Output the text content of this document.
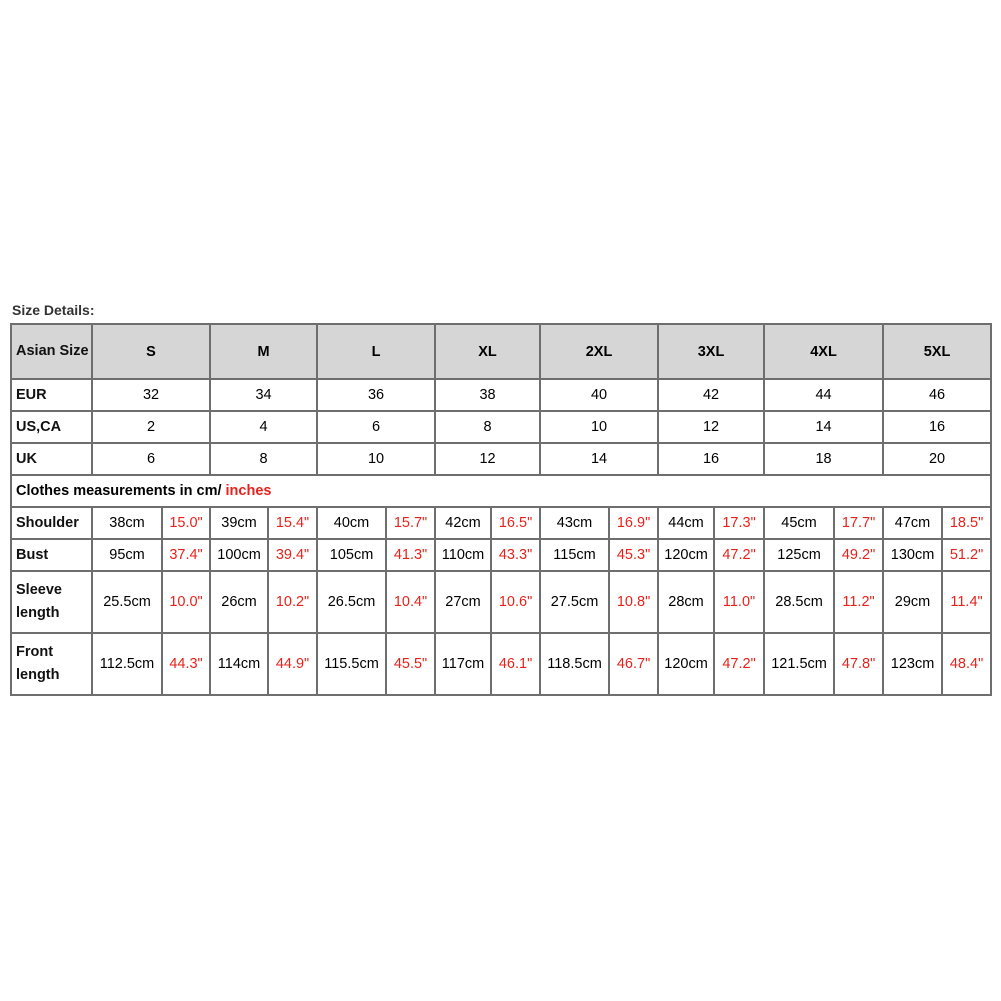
Size Details:
Asian Size	S		M		L		XL		2XL		3XL		4XL		5XL	
EUR	32		34		36		38		40		42		44		46	
US,CA	2		4		6		8		10		12		14		16	
UK	6		8		10		12		14		16		18		20	
Clothes measurements in cm/ inches																
Shoulder	38cm	15.0"	39cm	15.4"	40cm	15.7"	42cm	16.5"	43cm	16.9"	44cm	17.3"	45cm	17.7"	47cm	18.5"
Bust	95cm	37.4"	100cm	39.4"	105cm	41.3"	110cm	43.3"	115cm	45.3"	120cm	47.2"	125cm	49.2"	130cm	51.2"
Sleeve length	25.5cm	10.0"	26cm	10.2"	26.5cm	10.4"	27cm	10.6"	27.5cm	10.8"	28cm	11.0"	28.5cm	11.2"	29cm	11.4"
Front length	112.5cm	44.3"	114cm	44.9"	115.5cm	45.5"	117cm	46.1"	118.5cm	46.7"	120cm	47.2"	121.5cm	47.8"	123cm	48.4"
